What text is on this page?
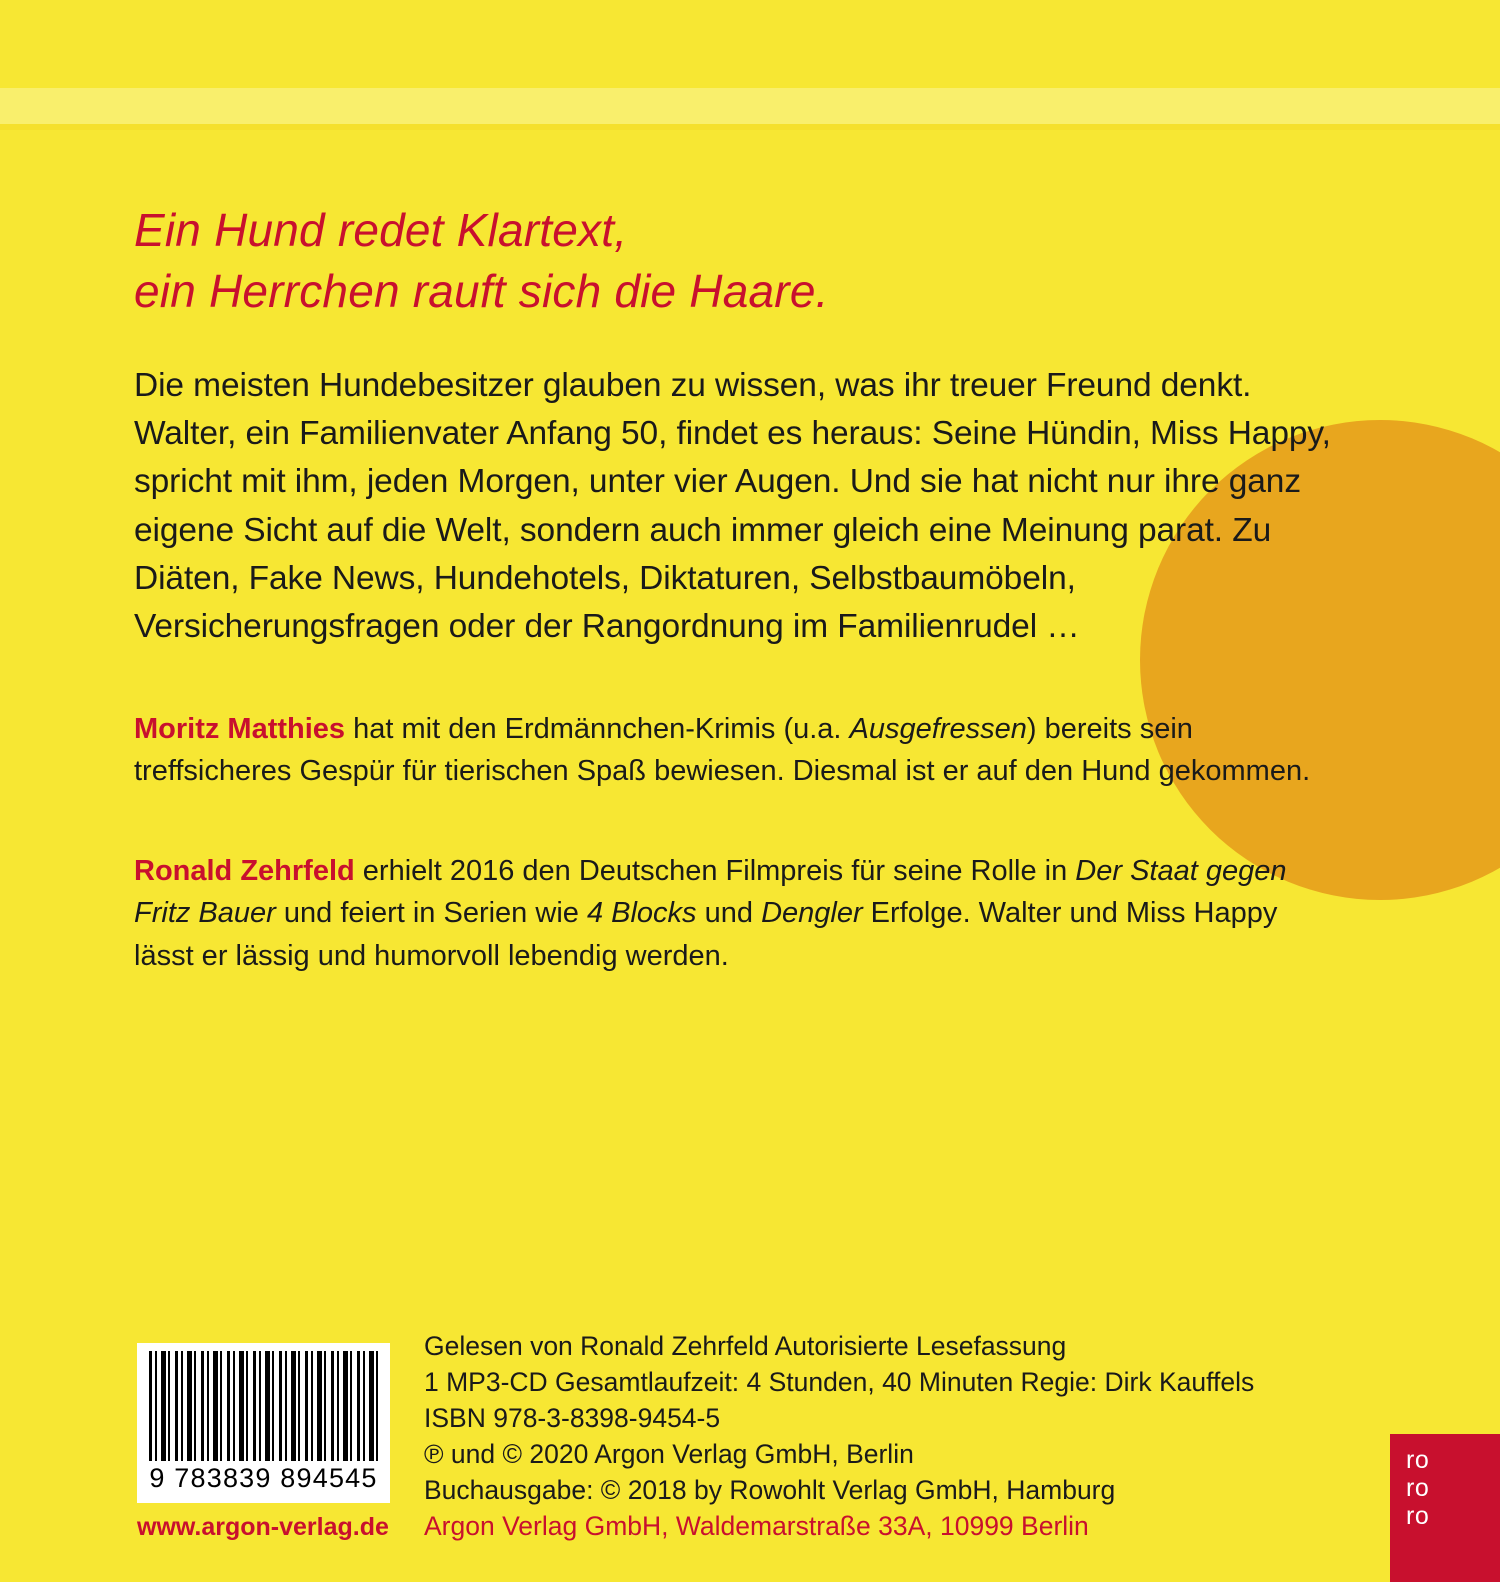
Ein Hund redet Klartext,
ein Herrchen rauft sich die Haare.
Die meisten Hundebesitzer glauben zu wissen, was ihr treuer Freund denkt. Walter, ein Familienvater Anfang 50, findet es heraus: Seine Hündin, Miss Happy, spricht mit ihm, jeden Morgen, unter vier Augen. Und sie hat nicht nur ihre ganz eigene Sicht auf die Welt, sondern auch immer gleich eine Meinung parat. Zu Diäten, Fake News, Hundehotels, Diktaturen, Selbstbaumöbeln, Versicherungsfragen oder der Rangordnung im Familienrudel …
Moritz Matthies hat mit den Erdmännchen-Krimis (u.a. Ausgefressen) bereits sein treffsicheres Gespür für tierischen Spaß bewiesen. Diesmal ist er auf den Hund gekommen.
Ronald Zehrfeld erhielt 2016 den Deutschen Filmpreis für seine Rolle in Der Staat gegen Fritz Bauer und feiert in Serien wie 4 Blocks und Dengler Erfolge. Walter und Miss Happy lässt er lässig und humorvoll lebendig werden.
9 783839 894545
www.argon-verlag.de
Gelesen von Ronald Zehrfeld Autorisierte Lesefassung
1 MP3-CD Gesamtlaufzeit: 4 Stunden, 40 Minuten Regie: Dirk Kauffels
ISBN 978-3-8398-9454-5
℗ und © 2020 Argon Verlag GmbH, Berlin
Buchausgabe: © 2018 by Rowohlt Verlag GmbH, Hamburg
Argon Verlag GmbH, Waldemarstraße 33A, 10999 Berlin
ro
ro
ro
